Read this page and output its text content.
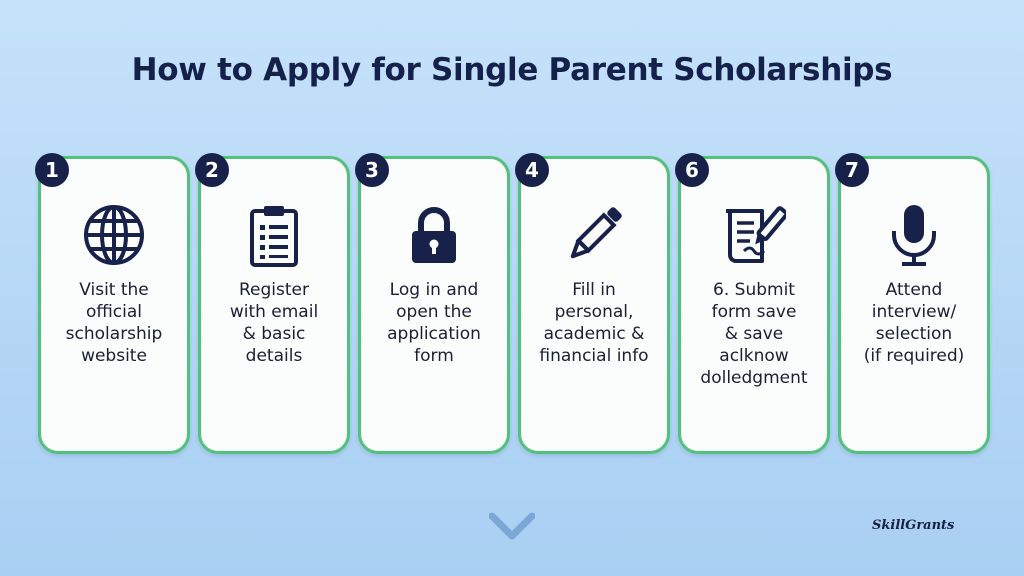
How to Apply for Single Parent Scholarships
1
Visit the
official
scholarship
website
2
Register
with email
& basic
details
3
Log in and
open the
application
form
4
Fill in
personal,
academic &
financial info
6
6. Submit
form save
& save
aclknow
dolledgment
7
Attend
interview/
selection
(if required)
SkillGrants
